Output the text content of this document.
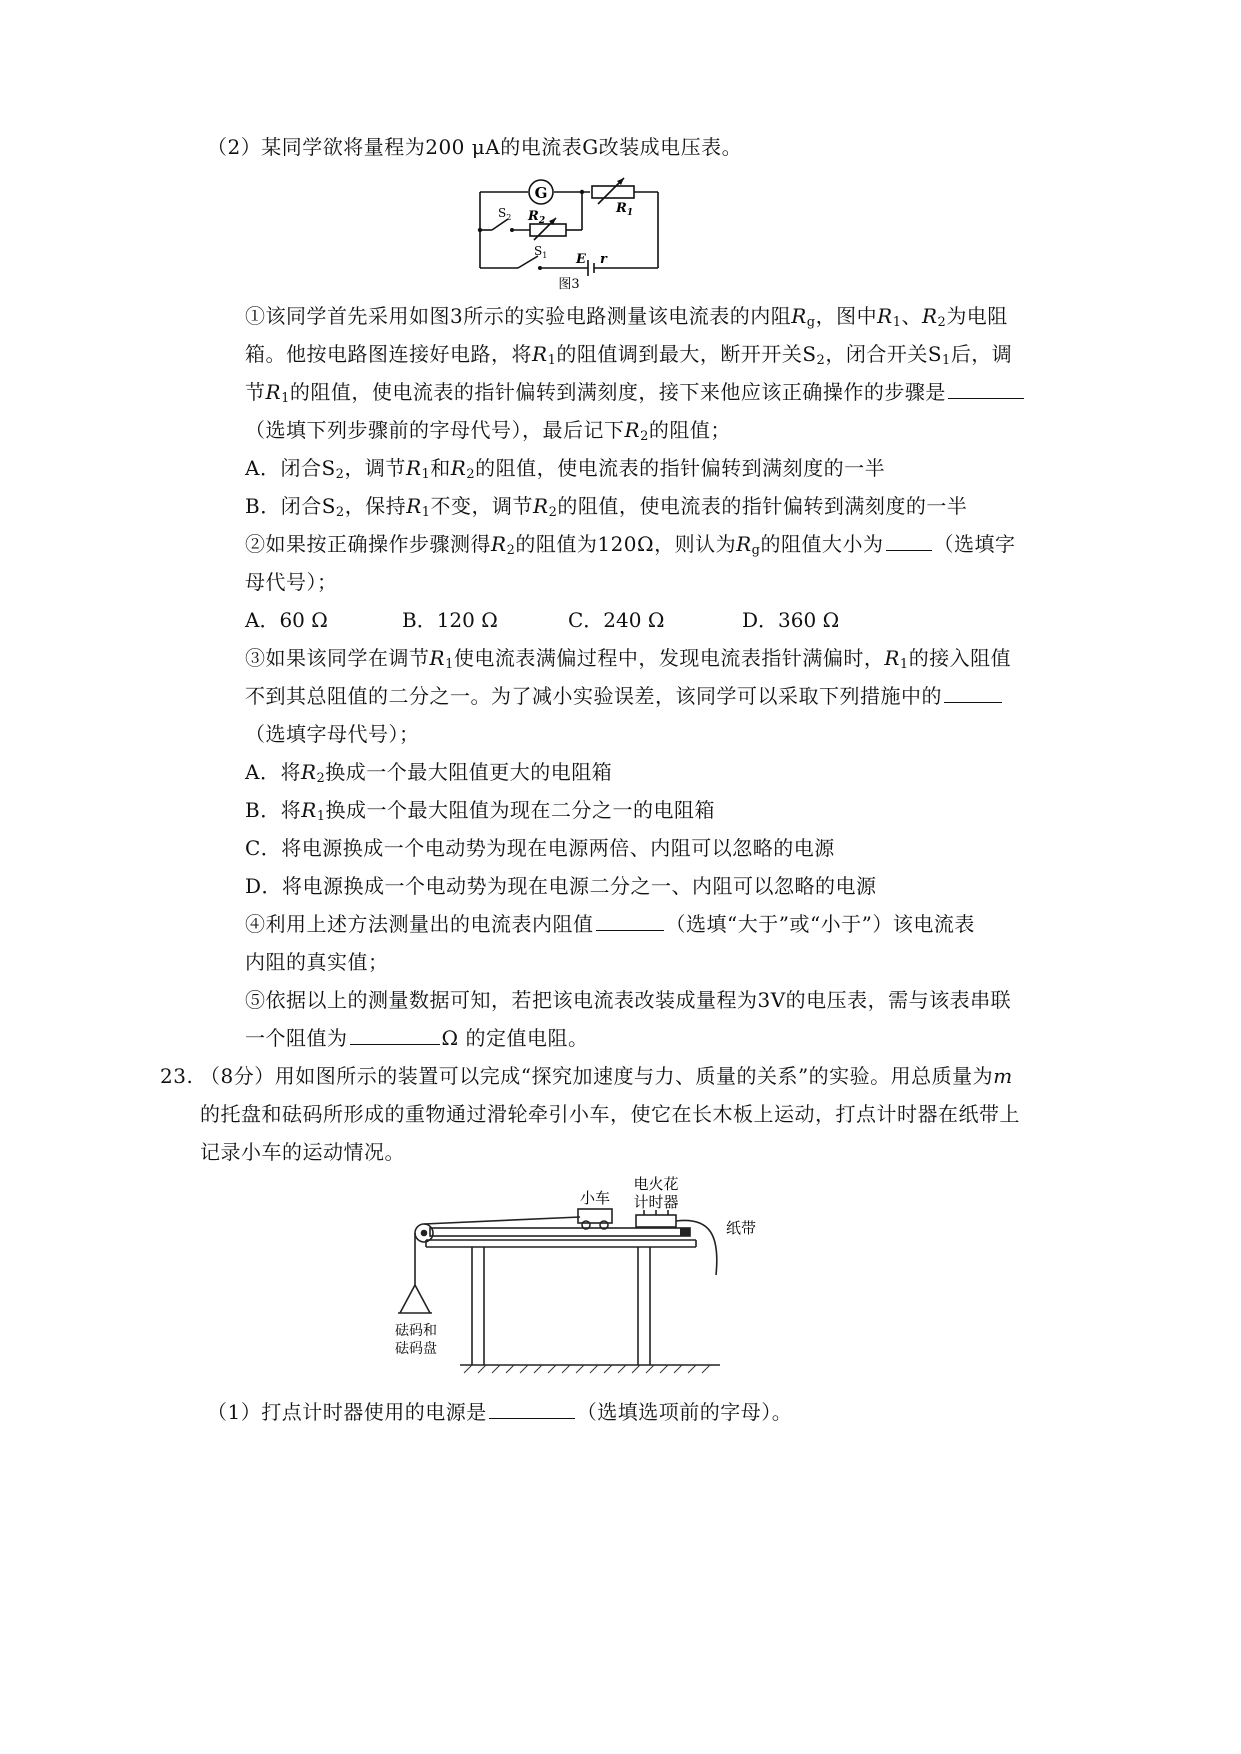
（2）某同学欲将量程为200 μA的电流表G改装成电压表。
G
$R_1$
$R_2$
$S_2$
$S_1$ E r
图3
①该同学首先采用如图3所示的实验电路测量该电流表的内阻$R_g$，图中$R_1$、$R_2$为电阻
箱。他按电路图连接好电路，将$R_1$的阻值调到最大，断开开关$S_2$，闭合开关$S_1$后，调
节$R_1$的阻值，使电流表的指针偏转到满刻度，接下来他应该正确操作的步骤是
（选填下列步骤前的字母代号），最后记下$R_2$的阻值；
A．闭合$S_2$，调节$R_1$和$R_2$的阻值，使电流表的指针偏转到满刻度的一半
B．闭合$S_2$，保持$R_1$不变，调节$R_2$的阻值，使电流表的指针偏转到满刻度的一半
②如果按正确操作步骤测得$R_2$的阻值为120Ω，则认为$R_g$的阻值大小为	（选填字
母代号）；
A．60 Ω	B．120 Ω	C．240 Ω	D．360 Ω
③如果该同学在调节$R_1$使电流表满偏过程中，发现电流表指针满偏时，$R_1$的接入阻值
不到其总阻值的二分之一。为了减小实验误差，该同学可以采取下列措施中的
（选填字母代号）；
A．将$R_2$换成一个最大阻值更大的电阻箱
B．将$R_1$换成一个最大阻值为现在二分之一的电阻箱
C．将电源换成一个电动势为现在电源两倍、内阻可以忽略的电源
D．将电源换成一个电动势为现在电源二分之一、内阻可以忽略的电源
④利用上述方法测量出的电流表内阻值	（选填“大于”或“小于”）该电流表
内阻的真实值；
⑤依据以上的测量数据可知，若把该电流表改装成量程为3V的电压表，需与该表串联
一个阻值为	Ω 的定值电阻。
23. （8分）用如图所示的装置可以完成“探究加速度与力、质量的关系”的实验。用总质量为m
的托盘和砝码所形成的重物通过滑轮牵引小车，使它在长木板上运动，打点计时器在纸带上
记录小车的运动情况。
小车
电火花
计时器
纸带
砝码和
砝码盘
（1）打点计时器使用的电源是	（选填选项前的字母）。
